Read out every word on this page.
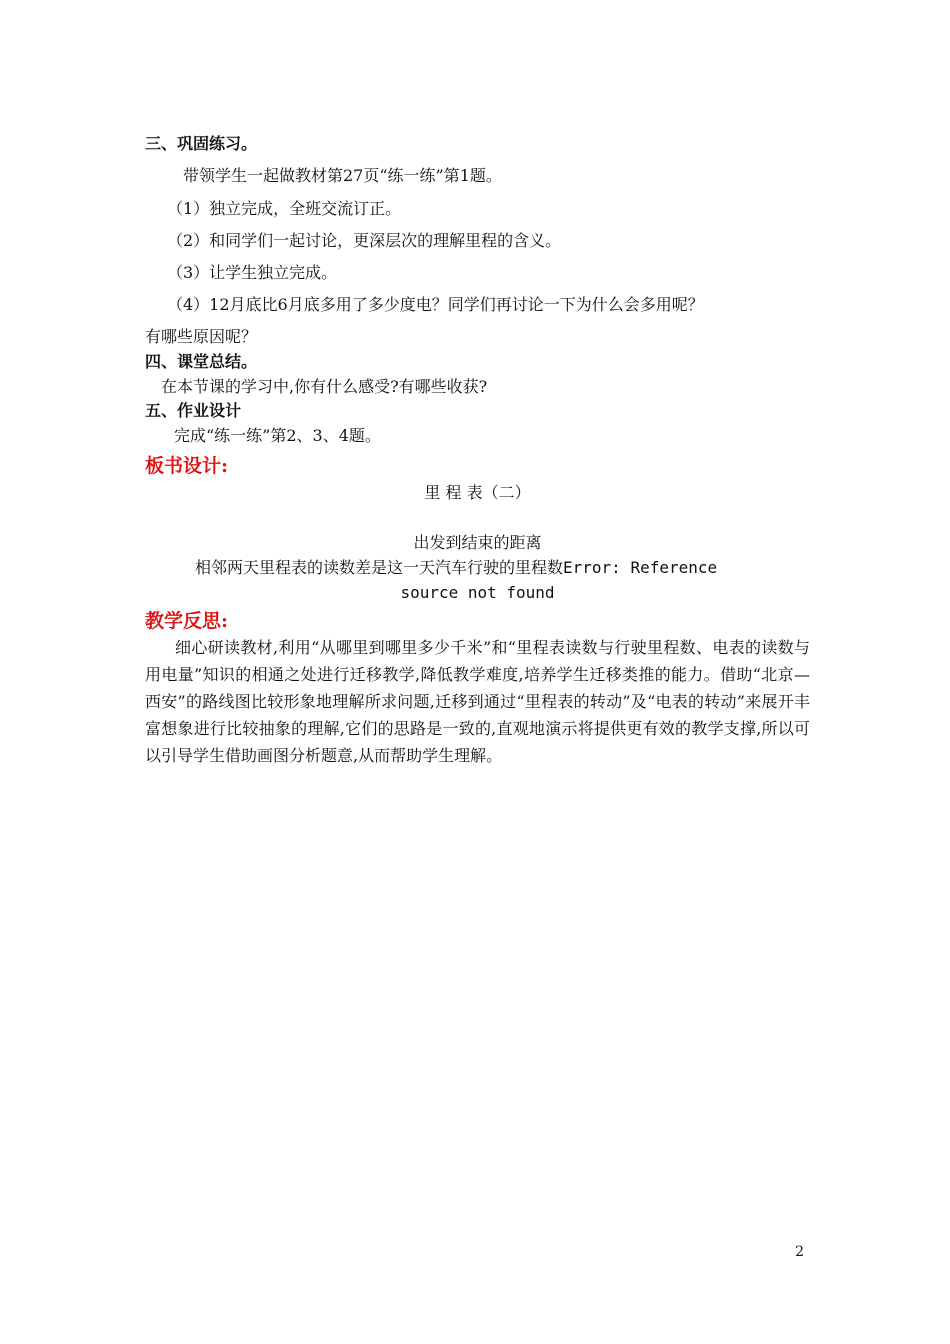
三、巩固练习。
带领学生一起做教材第27页“练一练”第1题。
（1）独立完成，全班交流订正。
（2）和同学们一起讨论，更深层次的理解里程的含义。
（3）让学生独立完成。
（4）12月底比6月底多用了多少度电？同学们再讨论一下为什么会多用呢？
有哪些原因呢？
四、课堂总结。
在本节课的学习中,你有什么感受?有哪些收获?
五、作业设计
完成“练一练”第2、3、4题。
板书设计:
里 程 表（二）
出发到结束的距离
相邻两天里程表的读数差是这一天汽车行驶的里程数Error: Reference
source not found
教学反思:

细心研读教材,利用“从哪里到哪里多少千米”和“里程表读数与行驶里程数、电表的读数与用电量”知识的相通之处进行迁移教学,降低教学难度,培养学生迁移类推的能力。借助“北京—西安”的路线图比较形象地理解所求问题,迁移到通过“里程表的转动”及“电表的转动”来展开丰富想象进行比较抽象的理解,它们的思路是一致的,直观地演示将提供更有效的教学支撑,所以可以引导学生借助画图分析题意,从而帮助学生理解。

2
